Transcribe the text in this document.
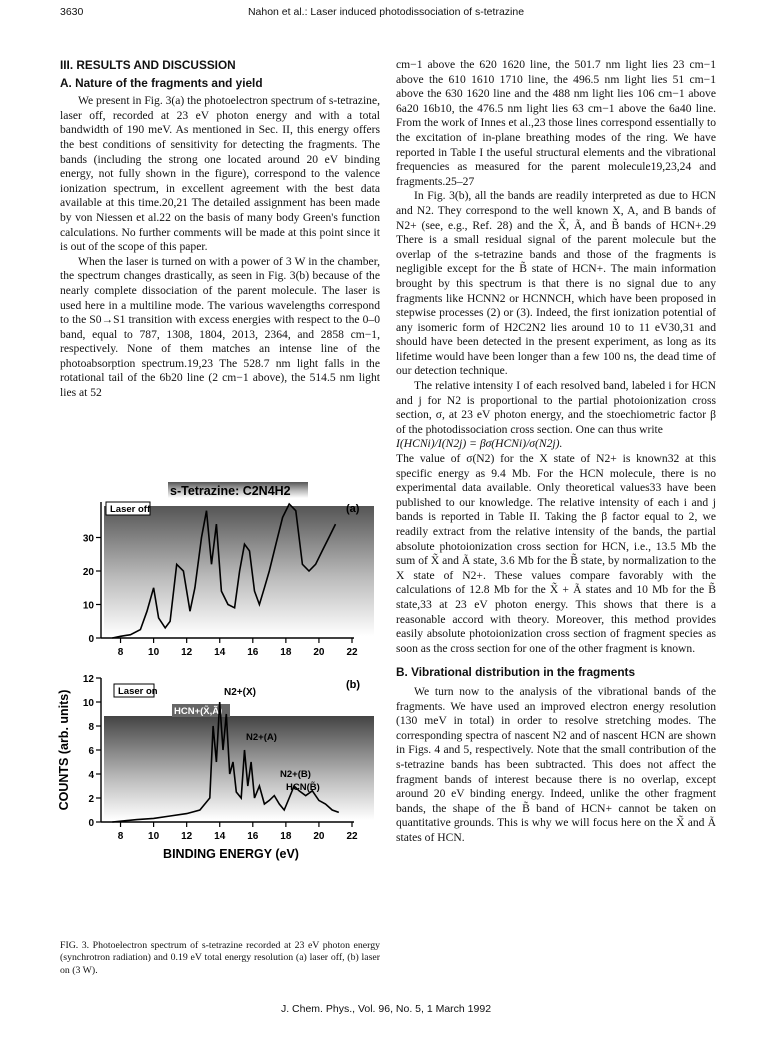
3630	Nahon et al.: Laser induced photodissociation of s-tetrazine
III. RESULTS AND DISCUSSION
A. Nature of the fragments and yield

We present in Fig. 3(a) the photoelectron spectrum of s-tetrazine, laser off, recorded at 23 eV photon energy and with a total bandwidth of 190 meV. As mentioned in Sec. II, this energy offers the best conditions of sensitivity for detecting the fragments. The bands (including the strong one located around 20 eV binding energy, not fully shown in the figure), correspond to the valence ionization spectrum, in excellent agreement with the best data available at this time.20,21 The detailed assignment has been made by von Niessen et al.22 on the basis of many body Green's function calculations. No further comments will be made at this point since it is out of the scope of this paper.

When the laser is turned on with a power of 3 W in the chamber, the spectrum changes drastically, as seen in Fig. 3(b) because of the nearly complete dissociation of the parent molecule. The laser is used here in a multiline mode. The various wavelengths correspond to the S0→S1 transition with excess energies with respect to the 0–0 band, equal to 787, 1308, 1804, 2013, 2364, and 2858 cm−1, respectively. None of them matches an intense line of the photoabsorption spectrum.19,23 The 528.7 nm light falls in the rotational tail of the 6b20 line (2 cm−1 above), the 514.5 nm light lies at 52

cm−1 above the 620 1620 line, the 501.7 nm light lies 23 cm−1 above the 610 1610 1710 line, the 496.5 nm light lies 51 cm−1 above the 630 1620 line and the 488 nm light lies 106 cm−1 above 6a20 16b10, the 476.5 nm light lies 63 cm−1 above the 6a40 line. From the work of Innes et al.,23 those lines correspond essentially to the excitation of in-plane breathing modes of the ring. We have reported in Table I the useful structural elements and the vibrational frequencies as measured for the parent molecule19,23,24 and fragments.25–27

In Fig. 3(b), all the bands are readily interpreted as due to HCN and N2. They correspond to the well known X, A, and B bands of N2+ (see, e.g., Ref. 28) and the X̃, Ã, and B̃ bands of HCN+.29 There is a small residual signal of the parent molecule but the overlap of the s-tetrazine bands and those of the fragments is negligible except for the B̃ state of HCN+. The main information brought by this spectrum is that there is no signal due to any fragments like HCNN2 or HCNNCH, which have been proposed in stepwise processes (2) or (3). Indeed, the first ionization potential of any isomeric form of H2C2N2 lies around 10 to 11 eV30,31 and should have been detected in the present experiment, as long as its lifetime would have been longer than a few 100 ns, the dead time of our detection technique.

The relative intensity I of each resolved band, labeled i for HCN and j for N2 is proportional to the partial photoionization cross section, σ, at 23 eV photon energy, and the stoechiometric factor β of the photodissociation cross section. One can thus write

I(HCNi)/I(N2j) = βσ(HCNi)/σ(N2j).

The value of σ(N2) for the X state of N2+ is known32 at this specific energy as 9.4 Mb. For the HCN molecule, there is no experimental data available. Only theoretical values33 have been published to our knowledge. The relative intensity of each i and j bands is reported in Table II. Taking the β factor equal to 2, we readily extract from the relative intensity of the bands, the partial absolute photoionization cross section for HCN, i.e., 13.5 Mb the sum of X̃ and Ã state, 3.6 Mb for the B̃ state, by normalization to the X state of N2+. These values compare favorably with the calculations of 12.8 Mb for the X̃ + Ã states and 10 Mb for the B̃ state,33 at 23 eV photon energy. This shows that there is a reasonable accord with theory. Moreover, this method provides easily absolute photoionization cross section of fragment species as soon as the cross section for one of the other fragment is known.

B. Vibrational distribution in the fragments

We turn now to the analysis of the vibrational bands of the fragments. We have used an improved electron energy resolution (130 meV in total) in order to resolve stretching modes. The corresponding spectra of nascent N2 and of nascent HCN are shown in Figs. 4 and 5, respectively. Note that the small contribution of the s-tetrazine bands has been subtracted. This does not affect the fragment bands of interest because there is no overlap, except around 20 eV binding energy. Indeed, unlike the other fragment bands, the shape of the B̃ band of HCN+ cannot be taken on quantitative grounds. This is why we will focus here on the X̃ and Ã states of HCN.

s-Tetrazine: C2N4H2
Laser off	(a)
0
10
20
30
8 10 12 14 16 18 20 22
COUNTS (arb. units)	Laser on
(b)
HCN+(X̃,Ã)
N2+(X)
N2+(A)
N2+(B)
HCN(B̃)
0
2
4
6
8
10
12
8 10 12 14 16 18 20 22
BINDING ENERGY (eV)
FIG. 3. Photoelectron spectrum of s-tetrazine recorded at 23 eV photon energy (synchrotron radiation) and 0.19 eV total energy resolution (a) laser off, (b) laser on (3 W).
J. Chem. Phys., Vol. 96, No. 5, 1 March 1992
